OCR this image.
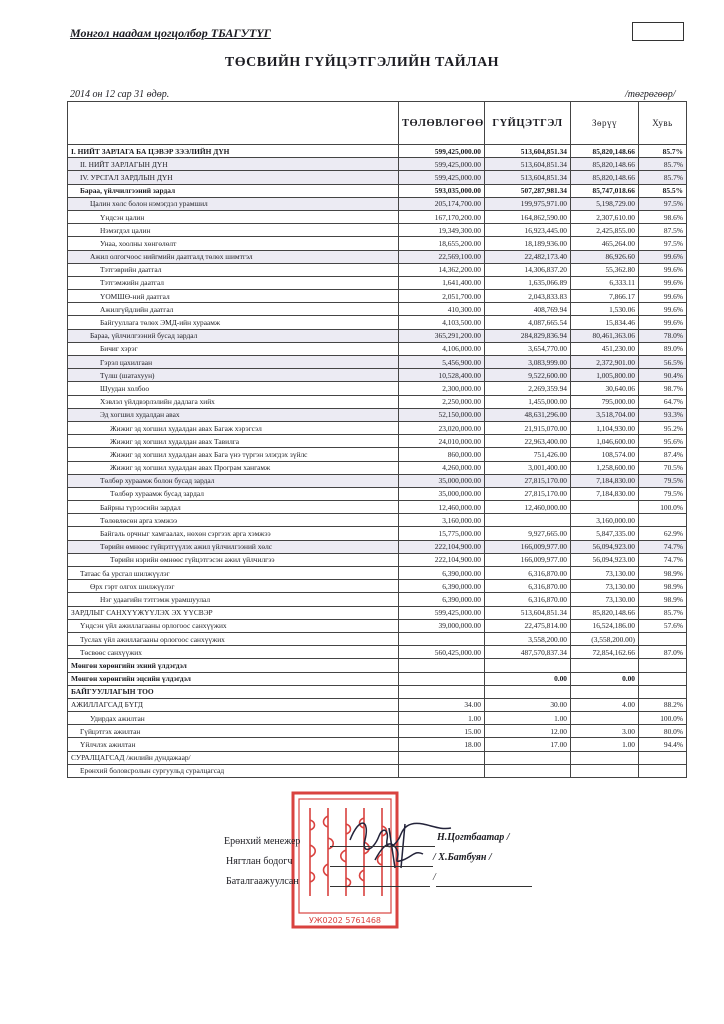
Монгол наадам цогцолбор ТБАГУТҮГ
ТӨСВИЙН ГҮЙЦЭТГЭЛИЙН ТАЙЛАН
2014 он 12 сар 31 өдөр.	/төгрөгөөр/
	ТӨЛӨВЛӨГӨӨ	ГҮЙЦЭТГЭЛ	Зөрүү	Хувь
I. НИЙТ ЗАРЛАГА БА ЦЭВЭР ЗЭЭЛИЙН ДҮН	599,425,000.00	513,604,851.34	85,820,148.66	85.7%
II. НИЙТ ЗАРЛАГЫН ДҮН	599,425,000.00	513,604,851.34	85,820,148.66	85.7%
IV. УРСГАЛ ЗАРДЛЫН ДҮН	599,425,000.00	513,604,851.34	85,820,148.66	85.7%
Бараа, үйлчилгээний зардал	593,035,000.00	507,287,981.34	85,747,018.66	85.5%
Цалин хөлс болон нэмэгдэл урамшил	205,174,700.00	199,975,971.00	5,198,729.00	97.5%
Үндсэн цалин	167,170,200.00	164,862,590.00	2,307,610.00	98.6%
Нэмэгдэл цалин	19,349,300.00	16,923,445.00	2,425,855.00	87.5%
Унаа, хоолны хөнгөлөлт	18,655,200.00	18,189,936.00	465,264.00	97.5%
Ажил олгогчоос нийгмийн даатгалд төлөх шимтгэл	22,569,100.00	22,482,173.40	86,926.60	99.6%
Тэтгэврийн даатгал	14,362,200.00	14,306,837.20	55,362.80	99.6%
Тэтгэмжийн даатгал	1,641,400.00	1,635,066.89	6,333.11	99.6%
ҮОМШӨ-ний даатгал	2,051,700.00	2,043,833.83	7,866.17	99.6%
Ажилгүйдлийн даатгал	410,300.00	408,769.94	1,530.06	99.6%
Байгууллага төлөх ЭМД-ийн хураамж	4,103,500.00	4,087,665.54	15,834.46	99.6%
Бараа, үйлчилгээний бусад зардал	365,291,200.00	284,829,836.94	80,461,363.06	78.0%
Бичиг хэрэг	4,106,000.00	3,654,770.00	451,230.00	89.0%
Гэрэл цахилгаан	5,456,900.00	3,083,999.00	2,372,901.00	56.5%
Түлш (шатахуун)	10,528,400.00	9,522,600.00	1,005,800.00	90.4%
Шуудан холбоо	2,300,000.00	2,269,359.94	30,640.06	98.7%
Хэвлэл үйлдвэрлэлийн дадлага хийх	2,250,000.00	1,455,000.00	795,000.00	64.7%
Эд хогшил худалдан авах	52,150,000.00	48,631,296.00	3,518,704.00	93.3%
Жижиг эд хогшил худалдан авах Багаж хэрэгсэл	23,020,000.00	21,915,070.00	1,104,930.00	95.2%
Жижиг эд хогшил худалдан авах Тавилга	24,010,000.00	22,963,400.00	1,046,600.00	95.6%
Жижиг эд хогшил худалдан авах Бага үнэ түргэн элэгдэх зүйлс	860,000.00	751,426.00	108,574.00	87.4%
Жижиг эд хогшил худалдан авах Програм хангамж	4,260,000.00	3,001,400.00	1,258,600.00	70.5%
Төлбөр хураамж болон бусад зардал	35,000,000.00	27,815,170.00	7,184,830.00	79.5%
Төлбөр хураамж бусад зардал	35,000,000.00	27,815,170.00	7,184,830.00	79.5%
Байрны түрээсийн зардал	12,460,000.00	12,460,000.00		100.0%
Төлөвлөсөн арга хэмжээ	3,160,000.00		3,160,000.00	
Байгаль орчныг хамгаалах, нөхөн сэргээх арга хэмжээ	15,775,000.00	9,927,665.00	5,847,335.00	62.9%
Төрийн өмнөөс гүйцэтгүүлэх ажил үйлчилгээний хөлс	222,104,900.00	166,009,977.00	56,094,923.00	74.7%
Төрийн нэрийн өмнөөс гүйцэтгэсэн ажил үйлчилгээ	222,104,900.00	166,009,977.00	56,094,923.00	74.7%
Татаас ба урсгал шилжүүлэг	6,390,000.00	6,316,870.00	73,130.00	98.9%
Өрх гэрт олгох шилжүүлэг	6,390,000.00	6,316,870.00	73,130.00	98.9%
Нэг удаагийн тэтгэмж урамшуулал	6,390,000.00	6,316,870.00	73,130.00	98.9%
ЗАРДЛЫГ САНХҮҮЖҮҮЛЭХ ЭХ ҮҮСВЭР	599,425,000.00	513,604,851.34	85,820,148.66	85.7%
Үндсэн үйл ажиллагааны орлогоос санхүүжих	39,000,000.00	22,475,814.00	16,524,186.00	57.6%
Туслах үйл ажиллагааны орлогоос санхүүжих		3,558,200.00	(3,558,200.00)	
Төсвөөс санхүүжих	560,425,000.00	487,570,837.34	72,854,162.66	87.0%
Мөнгөн хөрөнгийн эхний үлдэгдэл				
Мөнгөн хөрөнгийн эцсийн үлдэгдэл		0.00	0.00	
БАЙГУУЛЛАГЫН ТОО				
АЖИЛЛАГСАД БҮГД	34.00	30.00	4.00	88.2%
Удирдах ажилтан	1.00	1.00		100.0%
Гүйцэтгэх ажилтан	15.00	12.00	3.00	80.0%
Үйлчлэх ажилтан	18.00	17.00	1.00	94.4%
СУРАЛЦАГСАД /жилийн дундажаар/				
Ерөнхий боловсролын сургуульд суралцагсад				
УЖ0202 5761468
Ерөнхий менежер	Н.Цогтбаатар /
Нягтлан бодогч	/ Х.Батбуян /
Баталгаажуулсан	/
